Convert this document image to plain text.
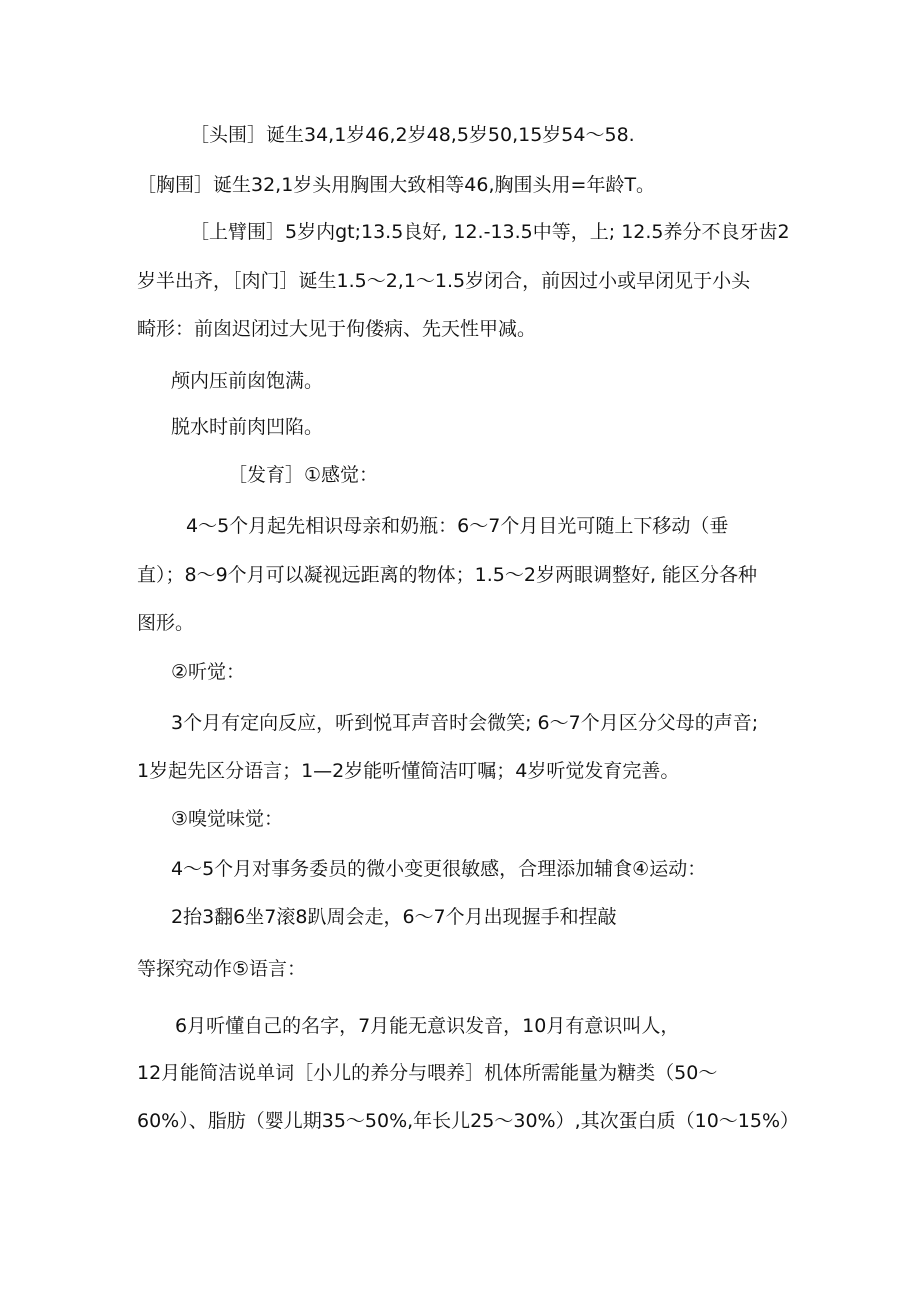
［头围］诞生34,1岁46,2岁48,5岁50,15岁54〜58.

［胸围］诞生32,1岁头用胸围大致相等46,胸围头用=年龄T。

［上臂围］5岁内gt;13.5良好, 12.-13.5中等，上; 12.5养分不良牙齿2

岁半出齐，［肉门］诞生1.5〜2,1〜1.5岁闭合，前因过小或早闭见于小头

畸形：前囱迟闭过大见于佝偻病、先天性甲减。

颅内压前囱饱满。

脱水时前肉凹陷。

［发育］①感觉：

4〜5个月起先相识母亲和奶瓶：6〜7个月目光可随上下移动（垂

直）；8〜9个月可以凝视远距离的物体；1.5〜2岁两眼调整好, 能区分各种

图形。

②听觉：

3个月有定向反应，听到悦耳声音时会微笑; 6〜7个月区分父母的声音;

1岁起先区分语言；1—2岁能听懂简洁叮嘱；4岁听觉发育完善。

③嗅觉味觉：

4〜5个月对事务委员的微小变更很敏感，合理添加辅食④运动：

2抬3翻6坐7滚8趴周会走，6〜7个月出现握手和捏敲

等探究动作⑤语言：

6月听懂自己的名字，7月能无意识发音，10月有意识叫人，

12月能简洁说单词［小儿的养分与喂养］机体所需能量为糖类（50〜

60%）、脂肪（婴儿期35〜50%,年长儿25〜30%）,其次蛋白质（10〜15%）
